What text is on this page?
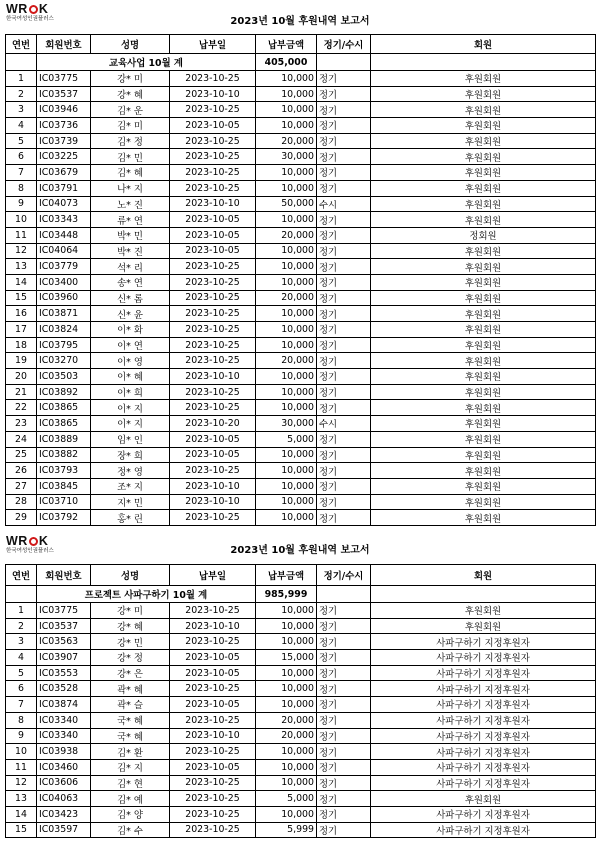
WR K
한국여성인권플러스	2023년 10월 후원내역 보고서
연번	회원번호	성명	납부일	납부금액	정기/수시	회원
	교육사업 10월 계			405,000		
1	IC03775	강* 미	2023-10-25	10,000	정기	후원회원
2	IC03537	강* 혜	2023-10-10	10,000	정기	후원회원
3	IC03946	김* 운	2023-10-25	10,000	정기	후원회원
4	IC03736	김* 미	2023-10-05	10,000	정기	후원회원
5	IC03739	김* 정	2023-10-25	20,000	정기	후원회원
6	IC03225	김* 민	2023-10-25	30,000	정기	후원회원
7	IC03679	김* 혜	2023-10-25	10,000	정기	후원회원
8	IC03791	나* 지	2023-10-25	10,000	정기	후원회원
9	IC04073	노* 진	2023-10-10	50,000	수시	후원회원
10	IC03343	류* 연	2023-10-05	10,000	정기	후원회원
11	IC03448	박* 민	2023-10-05	20,000	정기	정회원
12	IC04064	박* 진	2023-10-05	10,000	정기	후원회원
13	IC03779	석* 리	2023-10-25	10,000	정기	후원회원
14	IC03400	송* 연	2023-10-25	10,000	정기	후원회원
15	IC03960	신* 롬	2023-10-25	20,000	정기	후원회원
16	IC03871	신* 윤	2023-10-25	10,000	정기	후원회원
17	IC03824	이* 화	2023-10-25	10,000	정기	후원회원
18	IC03795	이* 연	2023-10-25	10,000	정기	후원회원
19	IC03270	이* 영	2023-10-25	20,000	정기	후원회원
20	IC03503	이* 혜	2023-10-10	10,000	정기	후원회원
21	IC03892	이* 희	2023-10-25	10,000	정기	후원회원
22	IC03865	이* 지	2023-10-25	10,000	정기	후원회원
23	IC03865	이* 지	2023-10-20	30,000	수시	후원회원
24	IC03889	임* 인	2023-10-05	5,000	정기	후원회원
25	IC03882	장* 희	2023-10-05	10,000	정기	후원회원
26	IC03793	정* 영	2023-10-25	10,000	정기	후원회원
27	IC03845	조* 지	2023-10-10	10,000	정기	후원회원
28	IC03710	지* 민	2023-10-10	10,000	정기	후원회원
29	IC03792	홍* 린	2023-10-25	10,000	정기	후원회원
WR K
한국여성인권플러스	2023년 10월 후원내역 보고서
연번	회원번호	성명	납부일	납부금액	정기/수시	회원
	프로젝트 사파구하기 10월 계			985,999		
1	IC03775	강* 미	2023-10-25	10,000	정기	후원회원
2	IC03537	강* 혜	2023-10-10	10,000	정기	후원회원
3	IC03563	강* 민	2023-10-25	10,000	정기	사파구하기 지정후원자
4	IC03907	강* 정	2023-10-05	15,000	정기	사파구하기 지정후원자
5	IC03553	강* 은	2023-10-05	10,000	정기	사파구하기 지정후원자
6	IC03528	곽* 혜	2023-10-25	10,000	정기	사파구하기 지정후원자
7	IC03874	곽* 슬	2023-10-05	10,000	정기	사파구하기 지정후원자
8	IC03340	국* 혜	2023-10-25	20,000	정기	사파구하기 지정후원자
9	IC03340	국* 혜	2023-10-10	20,000	정기	사파구하기 지정후원자
10	IC03938	김* 환	2023-10-25	10,000	정기	사파구하기 지정후원자
11	IC03460	김* 지	2023-10-05	10,000	정기	사파구하기 지정후원자
12	IC03606	김* 현	2023-10-25	10,000	정기	사파구하기 지정후원자
13	IC04063	김* 예	2023-10-25	5,000	정기	후원회원
14	IC03423	김* 양	2023-10-25	10,000	정기	사파구하기 지정후원자
15	IC03597	김* 수	2023-10-25	5,999	정기	사파구하기 지정후원자
